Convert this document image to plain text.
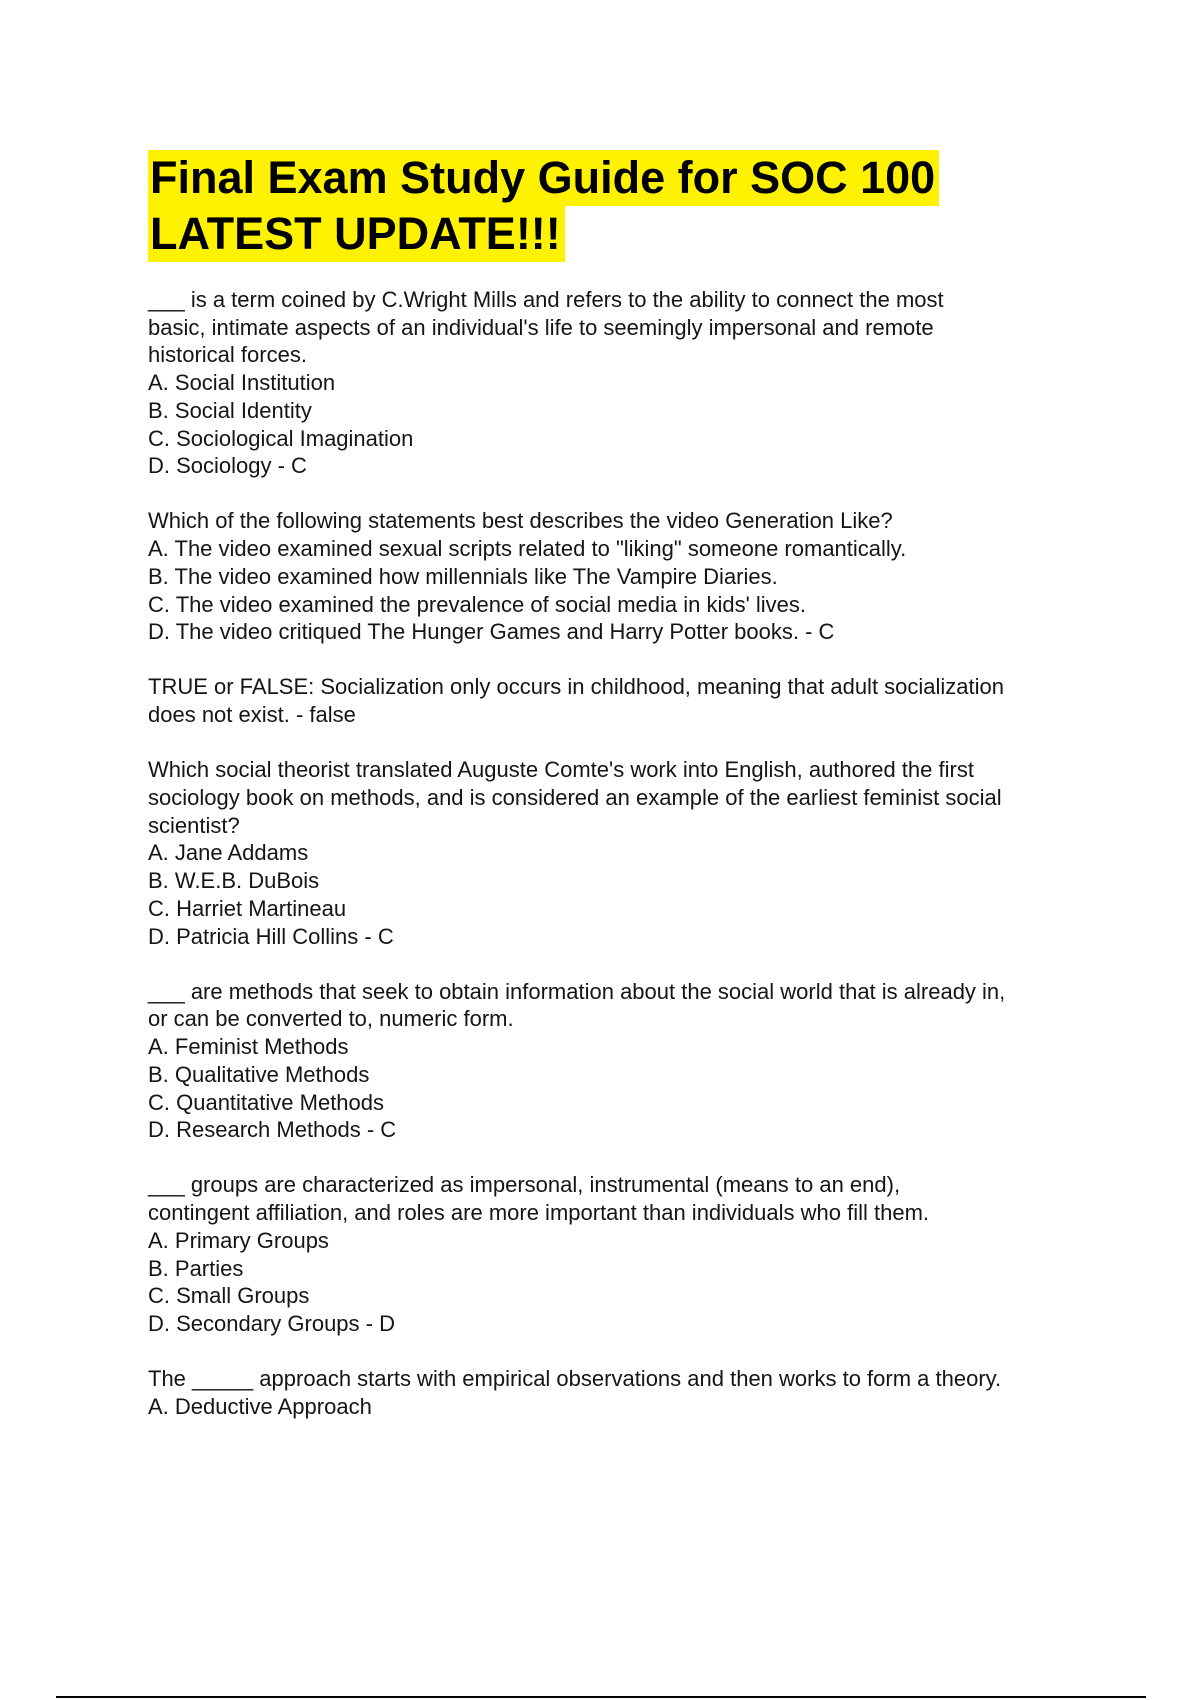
Final Exam Study Guide for SOC 100
LATEST UPDATE!!!
___ is a term coined by C.Wright Mills and refers to the ability to connect the most
basic, intimate aspects of an individual's life to seemingly impersonal and remote
historical forces.
A. Social Institution
B. Social Identity
C. Sociological Imagination
D. Sociology - C
Which of the following statements best describes the video Generation Like?
A. The video examined sexual scripts related to "liking" someone romantically.
B. The video examined how millennials like The Vampire Diaries.
C. The video examined the prevalence of social media in kids' lives.
D. The video critiqued The Hunger Games and Harry Potter books. - C
TRUE or FALSE: Socialization only occurs in childhood, meaning that adult socialization
does not exist. - false
Which social theorist translated Auguste Comte's work into English, authored the first
sociology book on methods, and is considered an example of the earliest feminist social
scientist?
A. Jane Addams
B. W.E.B. DuBois
C. Harriet Martineau
D. Patricia Hill Collins - C
___ are methods that seek to obtain information about the social world that is already in,
or can be converted to, numeric form.
A. Feminist Methods
B. Qualitative Methods
C. Quantitative Methods
D. Research Methods - C
___ groups are characterized as impersonal, instrumental (means to an end),
contingent affiliation, and roles are more important than individuals who fill them.
A. Primary Groups
B. Parties
C. Small Groups
D. Secondary Groups - D
The _____ approach starts with empirical observations and then works to form a theory.
A. Deductive Approach
